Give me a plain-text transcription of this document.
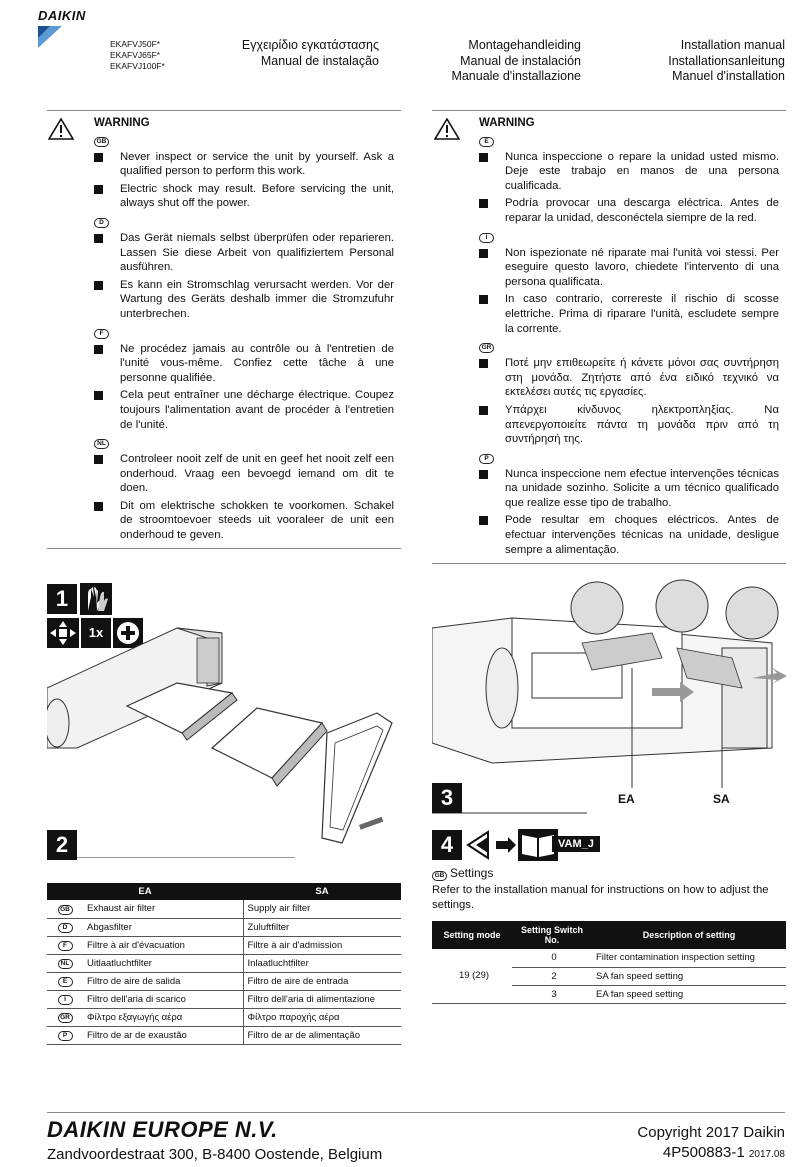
DAIKIN
EKAFVJ50F*
EKAFVJ65F*
EKAFVJ100F*
Εγχειρίδιο εγκατάστασης
Manual de instalação
Montagehandleiding
Manual de instalación
Manuale d'installazione
Installation manual
Installationsanleitung
Manuel d'installation
WARNING
GB
Never inspect or service the unit by yourself. Ask a qualified person to perform this work.
Electric shock may result. Before servicing the unit, always shut off the power.
D
Das Gerät niemals selbst überprüfen oder reparieren. Lassen Sie diese Arbeit von qualifiziertem Personal ausführen.
Es kann ein Stromschlag verursacht werden. Vor der Wartung des Geräts deshalb immer die Stromzufuhr unterbrechen.
F
Ne procédez jamais au contrôle ou à l'entretien de l'unité vous-même. Confiez cette tâche à une personne qualifiée.
Cela peut entraîner une décharge électrique. Coupez toujours l'alimentation avant de procéder à l'entretien de l'unité.
NL
Controleer nooit zelf de unit en geef het nooit zelf een onderhoud. Vraag een bevoegd iemand om dit te doen.
Dit om elektrische schokken te voorkomen. Schakel de stroomtoevoer steeds uit vooraleer de unit een onderhoud te geven.
WARNING
E
Nunca inspeccione o repare la unidad usted mismo. Deje este trabajo en manos de una persona cualificada.
Podría provocar una descarga eléctrica. Antes de reparar la unidad, desconéctela siempre de la red.
I
Non ispezionate né riparate mai l'unità voi stessi. Per eseguire questo lavoro, chiedete l'intervento di una persona qualificata.
In caso contrario, correreste il rischio di scosse elettriche. Prima di riparare l'unità, escludete sempre la corrente.
GR
Ποτέ μην επιθεωρείτε ή κάνετε μόνοι σας συντήρηση στη μονάδα. Ζητήστε από ένα ειδικό τεχνικό να εκτελέσει αυτές τις εργασίες.
Υπάρχει κίνδυνος ηλεκτροπληξίας. Να απενεργοποιείτε πάντα τη μονάδα πριν από τη συντήρησή της.
P
Nunca inspeccione nem efectue intervenções técnicas na unidade sozinho. Solicite a um técnico qualificado que realize esse tipo de trabalho.
Pode resultar em choques eléctricos. Antes de efectuar intervenções técnicas na unidade, desligue sempre a alimentação.
1
1x
2
3	EA	SA
4	VAM_J
GB Settings
Refer to the installation manual for instructions on how to adjust the settings.
Setting mode	Setting Switch No.	Description of setting
19 (29)	0	Filter contamination inspection setting
	2	SA fan speed setting
	3	EA fan speed setting
EA		SA
GB	Exhaust air filter	Supply air filter
D	Abgasfilter	Zuluftfilter
F	Filtre à air d'évacuation	Filtre à air d'admission
NL	Uitlaatluchtfilter	Inlaatluchtfilter
E	Filtro de aire de salida	Filtro de aire de entrada
I	Filtro dell'aria di scarico	Filtro dell'aria di alimentazione
GR	Φίλτρο εξαγωγής αέρα	Φίλτρο παροχής αέρα
P	Filtro de ar de exaustão	Filtro de ar de alimentação
DAIKIN EUROPE N.V.
Zandvoordestraat 300, B-8400 Oostende, Belgium
Copyright 2017 Daikin
4P500883-1 2017.08
